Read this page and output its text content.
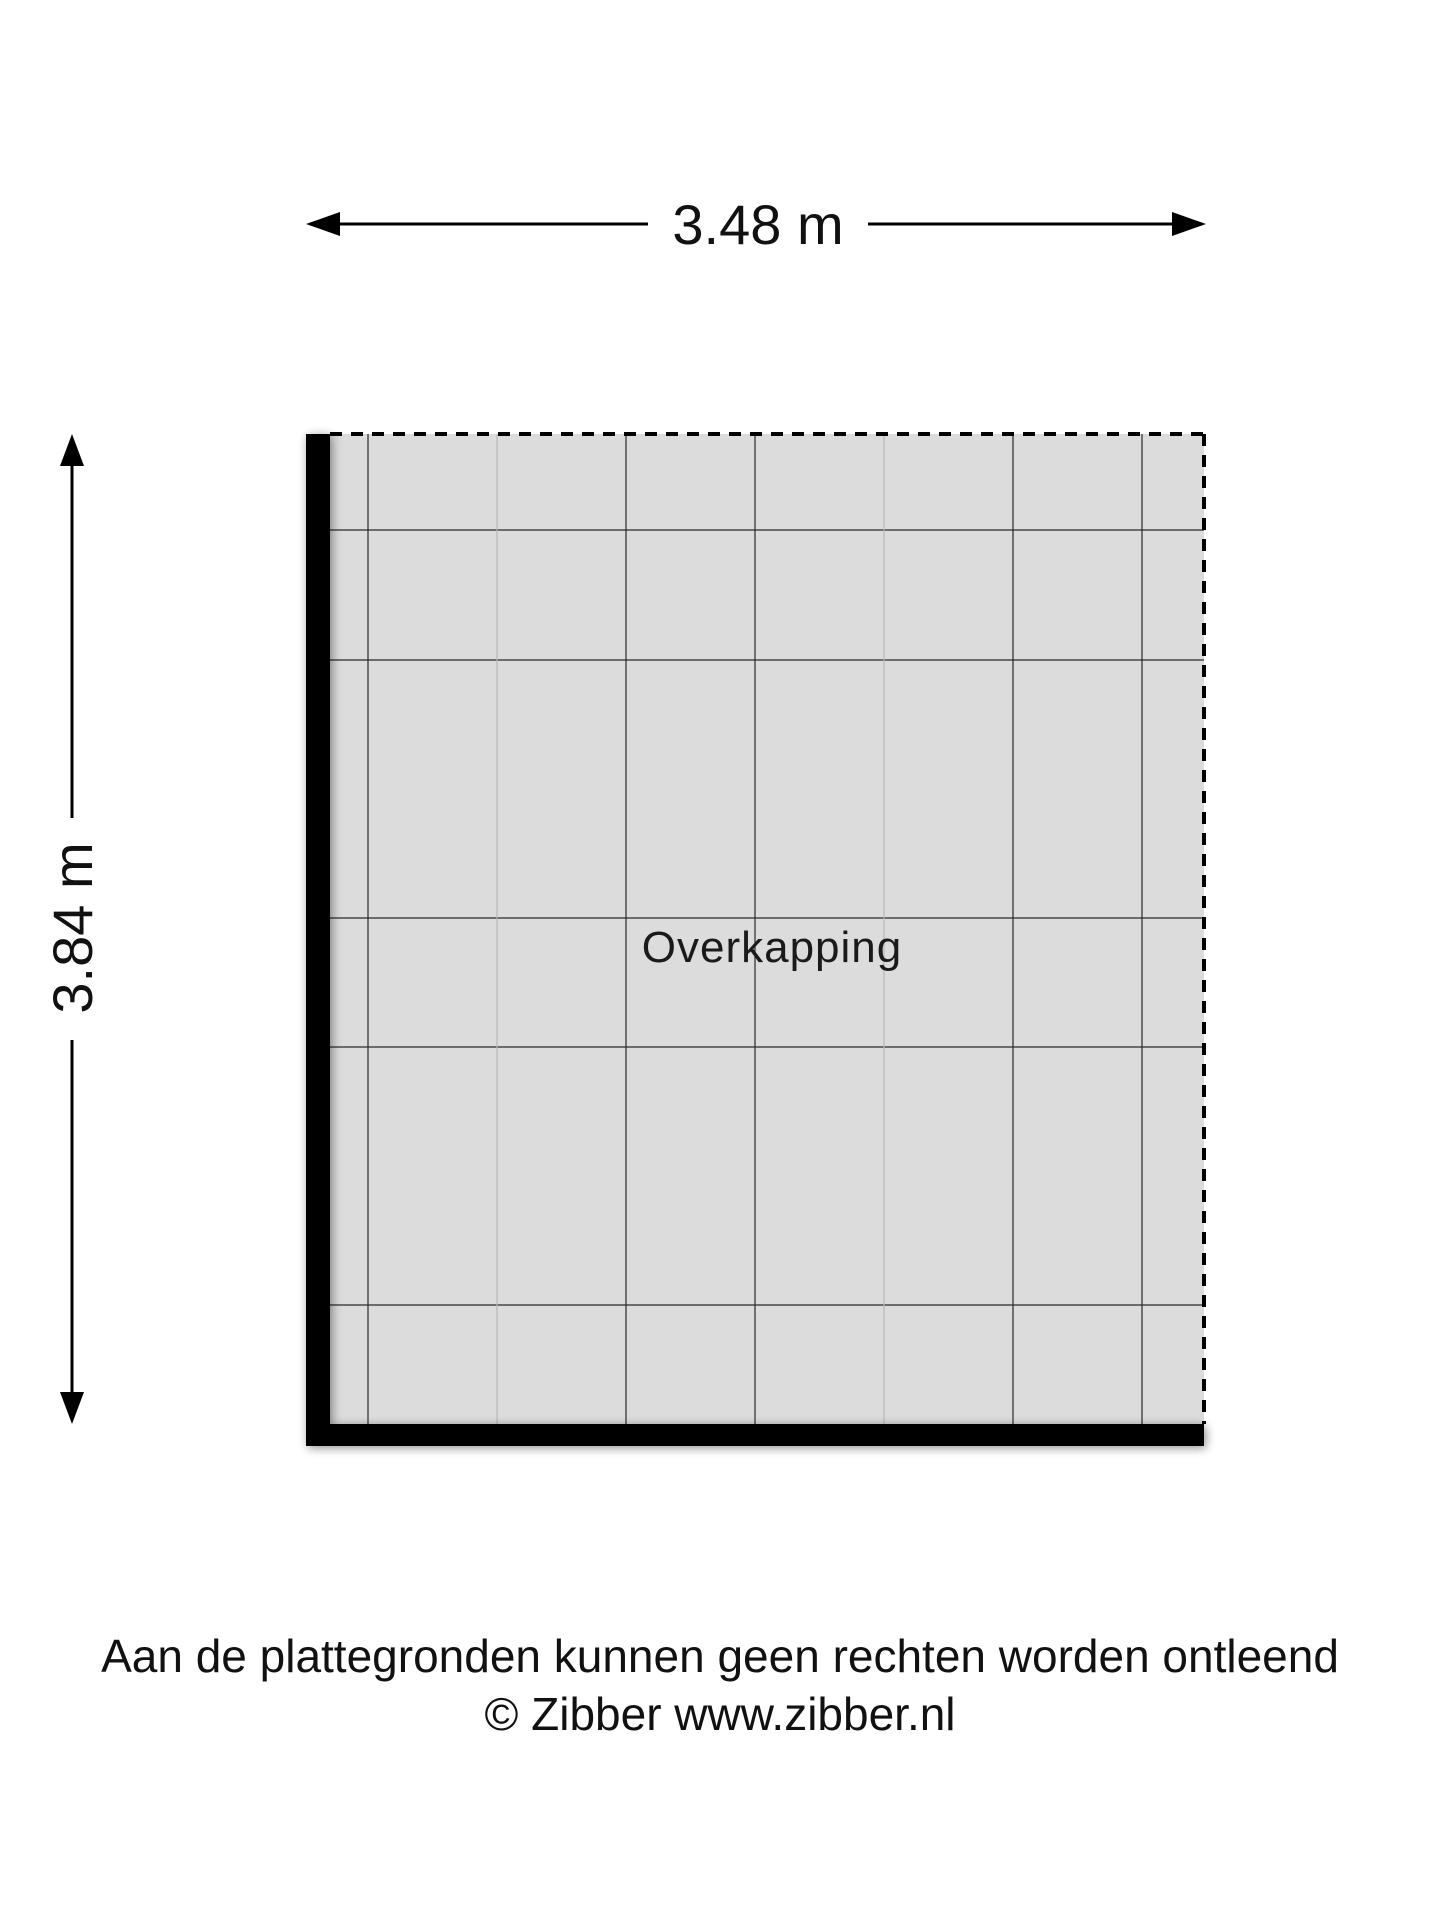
3.48 m
3.84 m	Overkapping
Aan de plattegronden kunnen geen rechten worden ontleend
© Zibber www.zibber.nl
